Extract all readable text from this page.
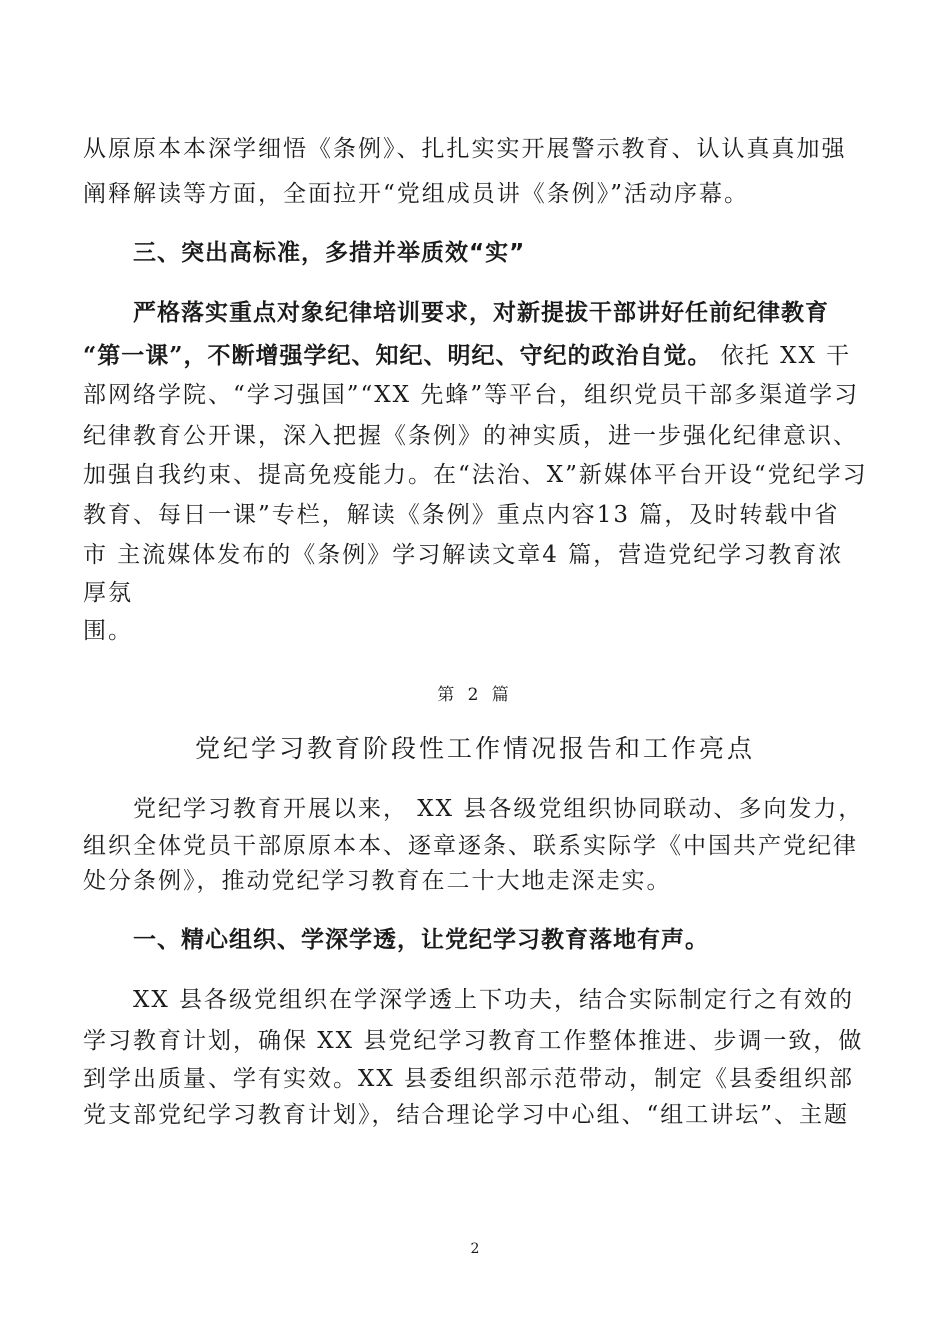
从原原本本深学细悟《条例》、扎扎实实开展警示教育、认认真真加强
阐释解读等方面，全面拉开“党组成员讲《条例》”活动序幕。
三、突出高标准，多措并举质效“实”
严格落实重点对象纪律培训要求，对新提拔干部讲好任前纪律教育
“第一课”，不断增强学纪、知纪、明纪、守纪的政治自觉。 依托 XX 干
部网络学院、“学习强国”“XX 先蜂”等平台，组织党员干部多渠道学习
纪律教育公开课，深入把握《条例》的神实质，进一步强化纪律意识、
加强自我约束、提高免疫能力。在“法治、X”新媒体平台开设“党纪学习
教育、每日一课”专栏，解读《条例》重点内容13 篇，及时转载中省
市 主流媒体发布的《条例》学习解读文章4 篇，营造党纪学习教育浓
厚氛
围。
第 2 篇
党纪学习教育阶段性工作情况报告和工作亮点
党纪学习教育开展以来， XX 县各级党组织协同联动、多向发力，
组织全体党员干部原原本本、逐章逐条、联系实际学《中国共产党纪律
处分条例》，推动党纪学习教育在二十大地走深走实。
一、精心组织、学深学透，让党纪学习教育落地有声。
XX 县各级党组织在学深学透上下功夫，结合实际制定行之有效的
学习教育计划，确保 XX 县党纪学习教育工作整体推进、步调一致，做
到学出质量、学有实效。XX 县委组织部示范带动，制定《县委组织部
党支部党纪学习教育计划》，结合理论学习中心组、“组工讲坛”、主题
2
